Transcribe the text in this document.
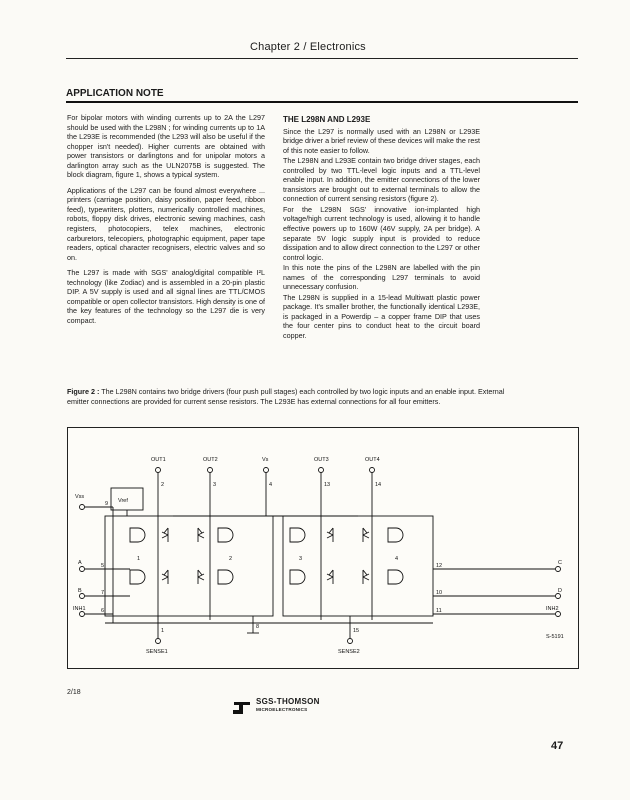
Chapter 2 / Electronics
APPLICATION NOTE

For bipolar motors with winding currents up to 2A the L297 should be used with the L298N ; for winding currents up to 1A the L293E is recommended (the L293 will also be useful if the chopper isn't needed). Higher currents are obtained with power transistors or darlingtons and for unipolar motors a darlington array such as the ULN2075B is suggested. The block diagram, figure 1, shows a typical system.

Applications of the L297 can be found almost everywhere ... printers (carriage position, daisy position, paper feed, ribbon feed), typewriters, plotters, numerically controlled machines, robots, floppy disk drives, electronic sewing machines, cash registers, photocopiers, telex machines, electronic carburetors, telecopiers, photographic equipment, paper tape readers, optical character recognisers, electric valves and so on.

The L297 is made with SGS' analog/digital compatible I²L technology (like Zodiac) and is assembled in a 20-pin plastic DIP. A 5V supply is used and all signal lines are TTL/CMOS compatible or open collector transistors. High density is one of the key features of the technology so the L297 die is very compact.

THE L298N AND L293E

Since the L297 is normally used with an L298N or L293E bridge driver a brief review of these devices will make the rest of this note easier to follow.

The L298N and L293E contain two bridge driver stages, each controlled by two TTL-level logic inputs and a TTL-level enable input. In addition, the emitter connections of the lower transistors are brought out to external terminals to allow the connection of current sensing resistors (figure 2).

For the L298N SGS' innovative ion-implanted high voltage/high current technology is used, allowing it to handle effective powers up to 160W (46V supply, 2A per bridge). A separate 5V logic supply input is provided to reduce dissipation and to allow direct connection to the L297 or other control logic.

In this note the pins of the L298N are labelled with the pin names of the corresponding L297 terminals to avoid unnecessary confusion.

The L298N is supplied in a 15-lead Multiwatt plastic power package. It's smaller brother, the functionally identical L293E, is packaged in a Powerdip – a copper frame DIP that uses the four center pins to conduct heat to the circuit board copper.

Figure 2 : The L298N contains two bridge drivers (four push pull stages) each controlled by two logic inputs and an enable input. External emitter connections are provided for current sense resistors. The L293E has external connections for all four emitters.
OUT1	OUT2	Vs	OUT3	OUT4
Vss
Vref
A
B
C
D
INH1	INH2
SENSE1	SENSE2
1	2	3	4
2	3	4	13	14
9
5
7
6
1
8
15
12
10
11
S-5191
2/18
SGS-THOMSON
MICROELECTRONICS
47
